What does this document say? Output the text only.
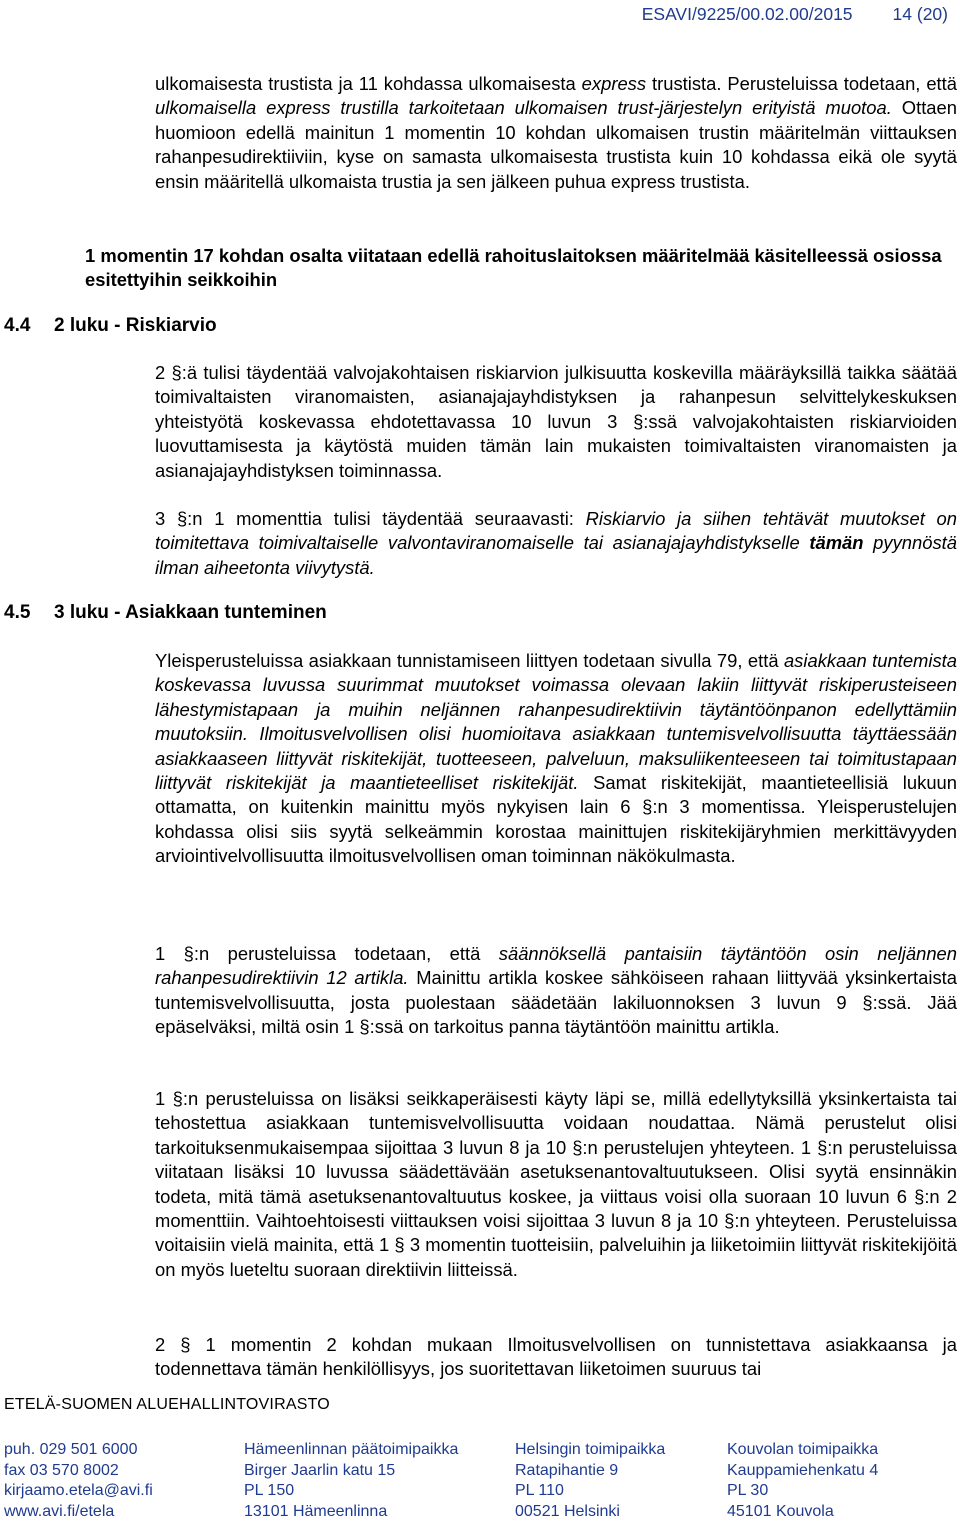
ESAVI/9225/00.02.00/2015 14 (20)

ulkomaisesta trustista ja 11 kohdassa ulkomaisesta express trustista. Perusteluissa todetaan, että ulkomaisella express trustilla tarkoitetaan ulkomaisen trust-järjestelyn erityistä muotoa. Ottaen huomioon edellä mainitun 1 momentin 10 kohdan ulkomaisen trustin määritelmän viittauksen rahanpesudirektiiviin, kyse on samasta ulkomaisesta trustista kuin 10 kohdassa eikä ole syytä ensin määritellä ulkomaista trustia ja sen jälkeen puhua express trustista.

1 momentin 17 kohdan osalta viitataan edellä rahoituslaitoksen määritelmää käsitelleessä osiossa esitettyihin seikkoihin

4.4 2 luku - Riskiarvio

2 §:ä tulisi täydentää valvojakohtaisen riskiarvion julkisuutta koskevilla määräyksillä taikka säätää toimivaltaisten viranomaisten, asianajajayhdistyksen ja rahanpesun selvittelykeskuksen yhteistyötä koskevassa ehdotettavassa 10 luvun 3 §:ssä valvojakohtaisten riskiarvioiden luovuttamisesta ja käytöstä muiden tämän lain mukaisten toimivaltaisten viranomaisten ja asianajajayhdistyksen toiminnassa.

3 §:n 1 momenttia tulisi täydentää seuraavasti: Riskiarvio ja siihen tehtävät muutokset on toimitettava toimivaltaiselle valvontaviranomaiselle tai asianajajayhdistykselle tämän pyynnöstä ilman aiheetonta viivytystä.

4.5 3 luku - Asiakkaan tunteminen

Yleisperusteluissa asiakkaan tunnistamiseen liittyen todetaan sivulla 79, että asiakkaan tuntemista koskevassa luvussa suurimmat muutokset voimassa olevaan lakiin liittyvät riskiperusteiseen lähestymistapaan ja muihin neljännen rahanpesudirektiivin täytäntöönpanon edellyttämiin muutoksiin. Ilmoitusvelvollisen olisi huomioitava asiakkaan tuntemisvelvollisuutta täyttäessään asiakkaaseen liittyvät riskitekijät, tuotteeseen, palveluun, maksuliikenteeseen tai toimitustapaan liittyvät riskitekijät ja maantieteelliset riskitekijät. Samat riskitekijät, maantieteellisiä lukuun ottamatta, on kuitenkin mainittu myös nykyisen lain 6 §:n 3 momentissa. Yleisperustelujen kohdassa olisi siis syytä selkeämmin korostaa mainittujen riskitekijäryhmien merkittävyyden arviointivelvollisuutta ilmoitusvelvollisen oman toiminnan näkökulmasta.

1 §:n perusteluissa todetaan, että säännöksellä pantaisiin täytäntöön osin neljännen rahanpesudirektiivin 12 artikla. Mainittu artikla koskee sähköiseen rahaan liittyvää yksinkertaista tuntemisvelvollisuutta, josta puolestaan säädetään lakiluonnoksen 3 luvun 9 §:ssä. Jää epäselväksi, miltä osin 1 §:ssä on tarkoitus panna täytäntöön mainittu artikla.

1 §:n perusteluissa on lisäksi seikkaperäisesti käyty läpi se, millä edellytyksillä yksinkertaista tai tehostettua asiakkaan tuntemisvelvollisuutta voidaan noudattaa. Nämä perustelut olisi tarkoituksenmukaisempaa sijoittaa 3 luvun 8 ja 10 §:n perustelujen yhteyteen. 1 §:n perusteluissa viitataan lisäksi 10 luvussa säädettävään asetuksenantovaltuutukseen. Olisi syytä ensinnäkin todeta, mitä tämä asetuksenantovaltuutus koskee, ja viittaus voisi olla suoraan 10 luvun 6 §:n 2 momenttiin. Vaihtoehtoisesti viittauksen voisi sijoittaa 3 luvun 8 ja 10 §:n yhteyteen. Perusteluissa voitaisiin vielä mainita, että 1 § 3 momentin tuotteisiin, palveluihin ja liiketoimiin liittyvät riskitekijöitä on myös lueteltu suoraan direktiivin liitteissä.

2 § 1 momentin 2 kohdan mukaan Ilmoitusvelvollisen on tunnistettava asiakkaansa ja todennettava tämän henkilöllisyys, jos suoritettavan liiketoimen suuruus tai

ETELÄ-SUOMEN ALUEHALLINTOVIRASTO
puh. 029 501 6000
fax 03 570 8002
kirjaamo.etela@avi.fi
www.avi.fi/etela
Hämeenlinnan päätoimipaikka
Birger Jaarlin katu 15
PL 150
13101 Hämeenlinna
Helsingin toimipaikka
Ratapihantie 9
PL 110
00521 Helsinki
Kouvolan toimipaikka
Kauppamiehenkatu 4
PL 30
45101 Kouvola
